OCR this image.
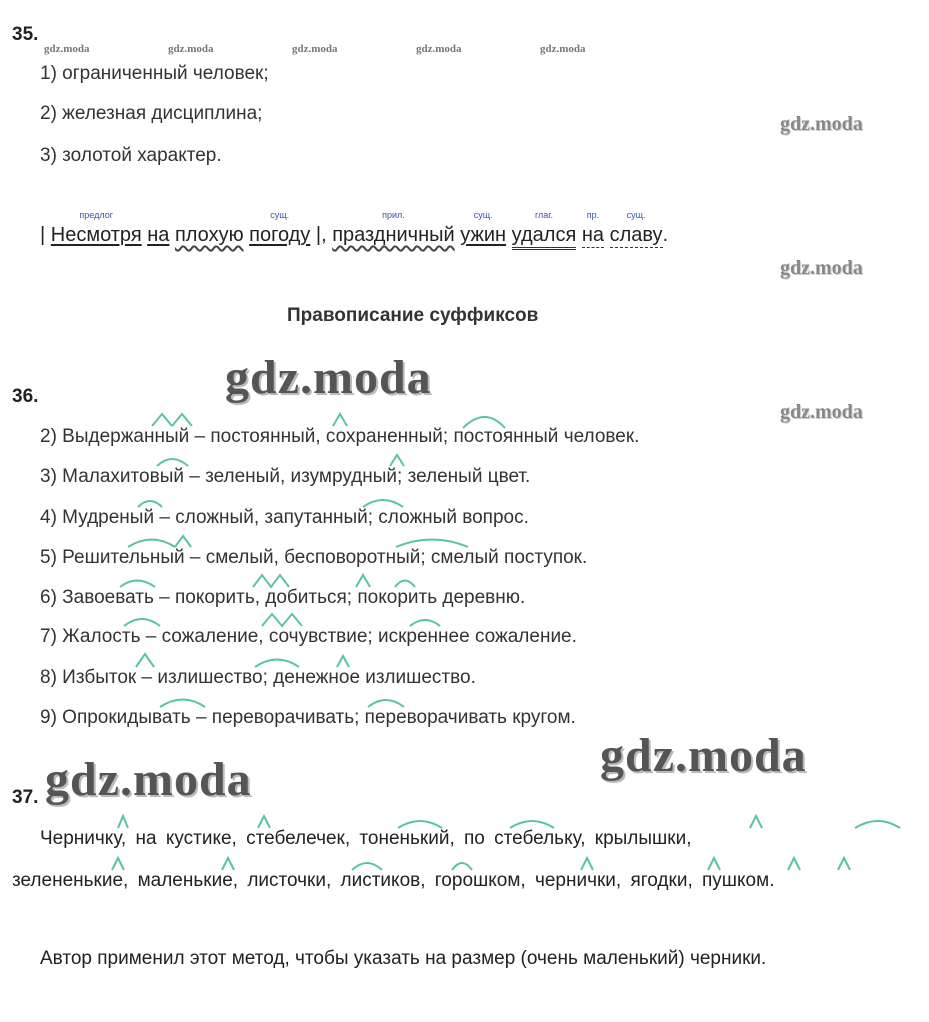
35.
gdz.moda	gdz.moda	gdz.moda	gdz.moda	gdz.moda
1) ограниченный человек;
2) железная дисциплина;
3) золотой характер.
gdz.moda
|
предлог
Несмотря на плохую
сущ.
погоду |,
прил.
праздничный
сущ.
ужин
глаг.
удался
пр.
на
сущ.
славу.
gdz.moda
Правописание суффиксов
gdz.moda
36.
gdz.moda
2) Выдержанный – постоянный, сохраненный; постоянный человек.
3) Малахитовый – зеленый, изумрудный; зеленый цвет.
4) Мудреный – сложный, запутанный; сложный вопрос.
5) Решительный – смелый, бесповоротный; смелый поступок.
6) Завоевать – покорить, добиться; покорить деревню.
7) Жалость – сожаление, сочувствие; искреннее сожаление.
8) Избыток – излишество; денежное излишество.
9) Опрокидывать – переворачивать; переворачивать кругом.
gdz.moda
37. gdz.moda
Черничку, на кустике, стебелечек, тоненький, по стебельку, крылышки,
зелененькие, маленькие, листочки, листиков, горошком, чернички, ягодки, пушком.
Автор применил этот метод, чтобы указать на размер (очень маленький) черники.
